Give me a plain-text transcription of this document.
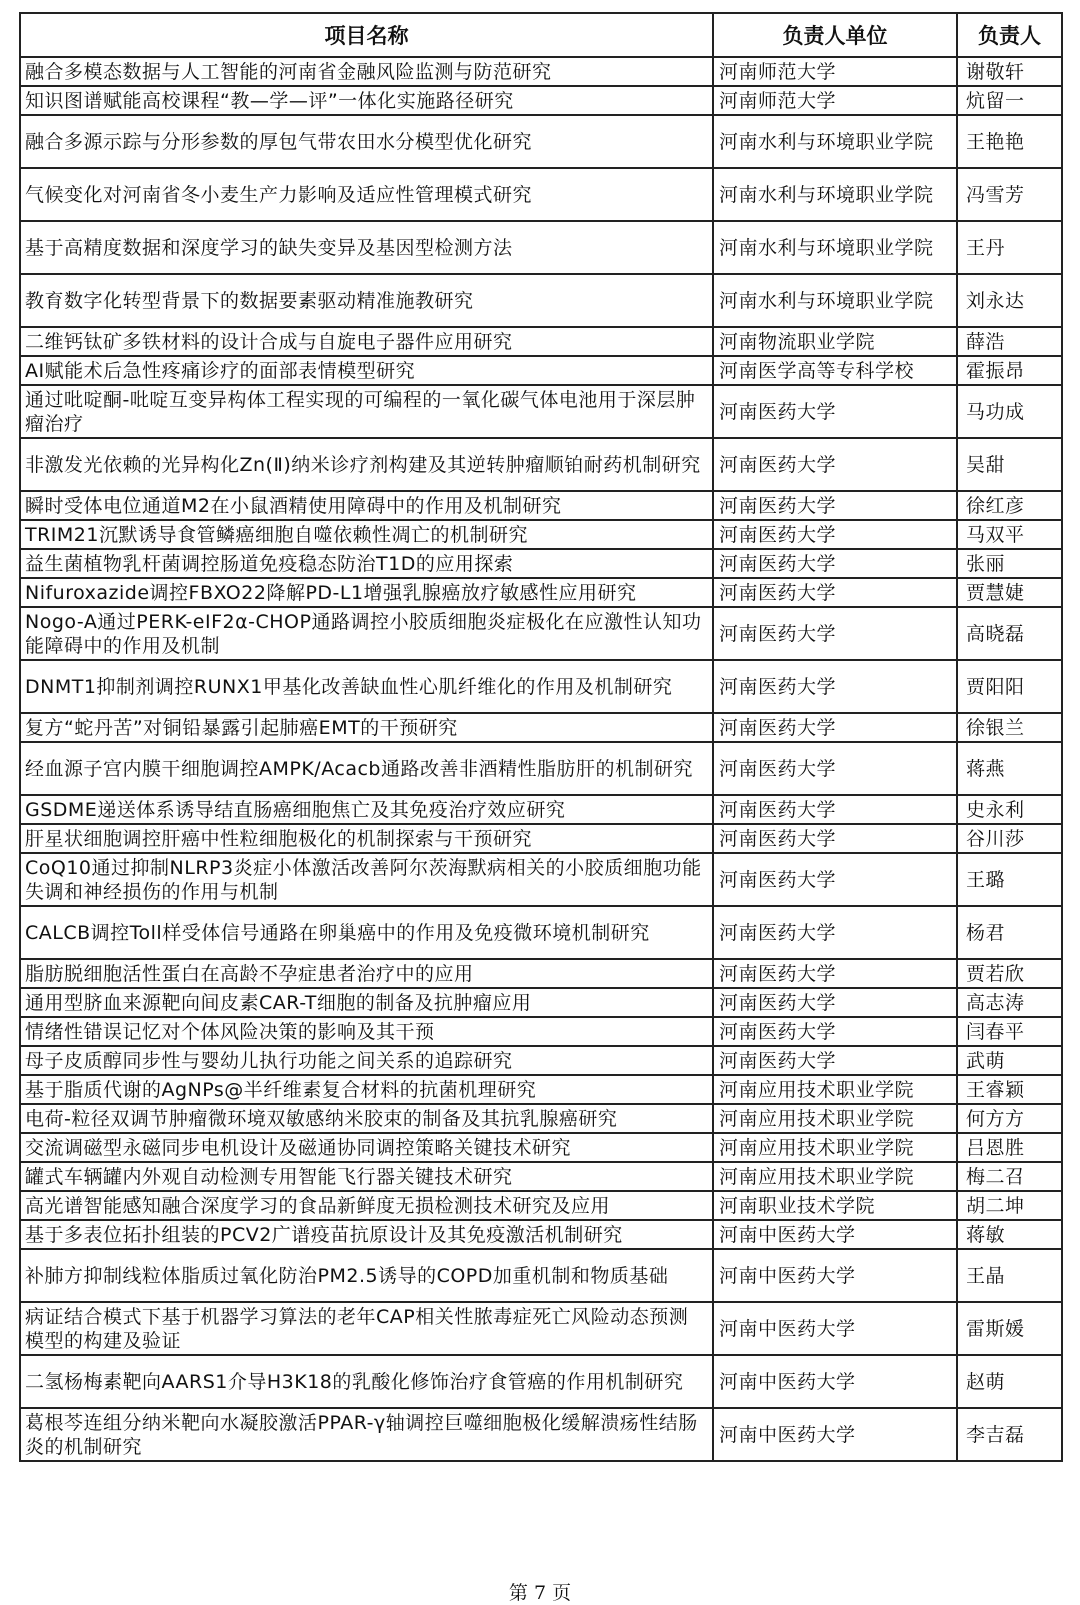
项目名称	负责人单位	负责人
融合多模态数据与人工智能的河南省金融风险监测与防范研究	河南师范大学	谢敬轩
知识图谱赋能高校课程“教—学—评”一体化实施路径研究	河南师范大学	炕留一
融合多源示踪与分形参数的厚包气带农田水分模型优化研究	河南水利与环境职业学院	王艳艳
气候变化对河南省冬小麦生产力影响及适应性管理模式研究	河南水利与环境职业学院	冯雪芳
基于高精度数据和深度学习的缺失变异及基因型检测方法	河南水利与环境职业学院	王丹
教育数字化转型背景下的数据要素驱动精准施教研究	河南水利与环境职业学院	刘永达
二维钙钛矿多铁材料的设计合成与自旋电子器件应用研究	河南物流职业学院	薛浩
AI赋能术后急性疼痛诊疗的面部表情模型研究	河南医学高等专科学校	霍振昂
通过吡啶酮-吡啶互变异构体工程实现的可编程的一氧化碳气体电池用于深层肿瘤治疗	河南医药大学	马功成
非激发光依赖的光异构化Zn(Ⅱ)纳米诊疗剂构建及其逆转肿瘤顺铂耐药机制研究	河南医药大学	吴甜
瞬时受体电位通道M2在小鼠酒精使用障碍中的作用及机制研究	河南医药大学	徐红彦
TRIM21沉默诱导食管鳞癌细胞自噬依赖性凋亡的机制研究	河南医药大学	马双平
益生菌植物乳杆菌调控肠道免疫稳态防治T1D的应用探索	河南医药大学	张丽
Nifuroxazide调控FBXO22降解PD-L1增强乳腺癌放疗敏感性应用研究	河南医药大学	贾慧婕
Nogo-A通过PERK-eIF2α-CHOP通路调控小胶质细胞炎症极化在应激性认知功能障碍中的作用及机制	河南医药大学	高晓磊
DNMT1抑制剂调控RUNX1甲基化改善缺血性心肌纤维化的作用及机制研究	河南医药大学	贾阳阳
复方“蛇丹苦”对铜铅暴露引起肺癌EMT的干预研究	河南医药大学	徐银兰
经血源子宫内膜干细胞调控AMPK/Acacb通路改善非酒精性脂肪肝的机制研究	河南医药大学	蒋燕
GSDME递送体系诱导结直肠癌细胞焦亡及其免疫治疗效应研究	河南医药大学	史永利
肝星状细胞调控肝癌中性粒细胞极化的机制探索与干预研究	河南医药大学	谷川莎
CoQ10通过抑制NLRP3炎症小体激活改善阿尔茨海默病相关的小胶质细胞功能失调和神经损伤的作用与机制	河南医药大学	王璐
CALCB调控Toll样受体信号通路在卵巢癌中的作用及免疫微环境机制研究	河南医药大学	杨君
脂肪脱细胞活性蛋白在高龄不孕症患者治疗中的应用	河南医药大学	贾若欣
通用型脐血来源靶向间皮素CAR-T细胞的制备及抗肿瘤应用	河南医药大学	高志涛
情绪性错误记忆对个体风险决策的影响及其干预	河南医药大学	闫春平
母子皮质醇同步性与婴幼儿执行功能之间关系的追踪研究	河南医药大学	武萌
基于脂质代谢的AgNPs@半纤维素复合材料的抗菌机理研究	河南应用技术职业学院	王睿颖
电荷-粒径双调节肿瘤微环境双敏感纳米胶束的制备及其抗乳腺癌研究	河南应用技术职业学院	何方方
交流调磁型永磁同步电机设计及磁通协同调控策略关键技术研究	河南应用技术职业学院	吕恩胜
罐式车辆罐内外观自动检测专用智能飞行器关键技术研究	河南应用技术职业学院	梅二召
高光谱智能感知融合深度学习的食品新鲜度无损检测技术研究及应用	河南职业技术学院	胡二坤
基于多表位拓扑组装的PCV2广谱疫苗抗原设计及其免疫激活机制研究	河南中医药大学	蒋敏
补肺方抑制线粒体脂质过氧化防治PM2.5诱导的COPD加重机制和物质基础	河南中医药大学	王晶
病证结合模式下基于机器学习算法的老年CAP相关性脓毒症死亡风险动态预测模型的构建及验证	河南中医药大学	雷斯媛
二氢杨梅素靶向AARS1介导H3K18的乳酸化修饰治疗食管癌的作用机制研究	河南中医药大学	赵萌
葛根芩连组分纳米靶向水凝胶激活PPAR-γ轴调控巨噬细胞极化缓解溃疡性结肠炎的机制研究	河南中医药大学	李吉磊
第 7 页
